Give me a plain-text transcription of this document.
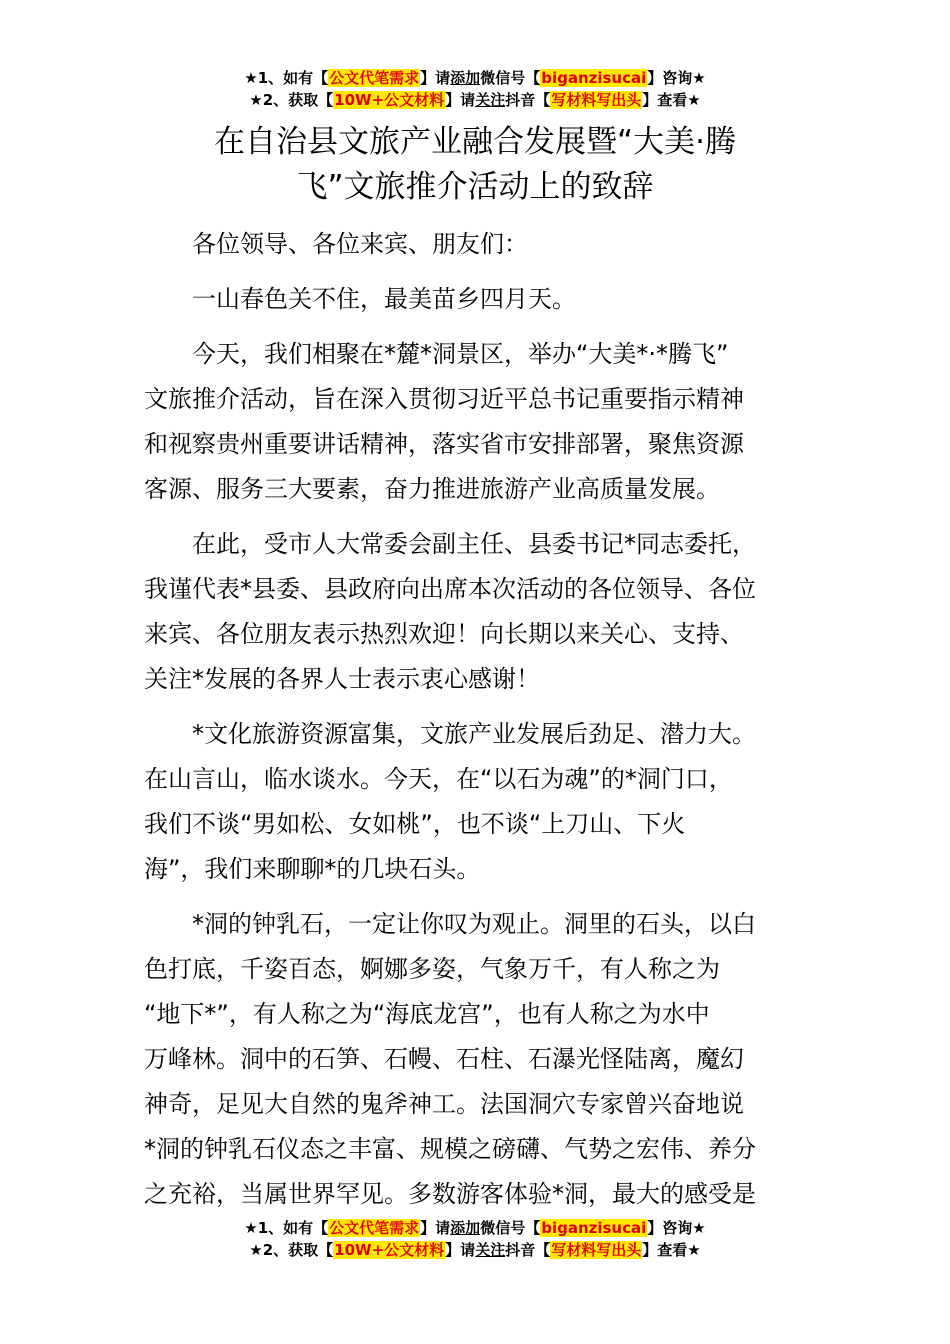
★1、如有【公文代笔需求】请添加微信号【biganzisucai】咨询★
★2、获取【10W+公文材料】请关注抖音【写材料写出头】查看★
在自治县文旅产业融合发展暨“大美·腾
飞”文旅推介活动上的致辞

各位领导、各位来宾、朋友们：

一山春色关不住，最美苗乡四月天。

今天，我们相聚在*麓*洞景区，举办“大美*·*腾飞”
文旅推介活动，旨在深入贯彻习近平总书记重要指示精神
和视察贵州重要讲话精神，落实省市安排部署，聚焦资源
客源、服务三大要素，奋力推进旅游产业高质量发展。

在此，受市人大常委会副主任、县委书记*同志委托，
我谨代表*县委、县政府向出席本次活动的各位领导、各位
来宾、各位朋友表示热烈欢迎！向长期以来关心、支持、
关注*发展的各界人士表示衷心感谢！

*文化旅游资源富集，文旅产业发展后劲足、潜力大。
在山言山，临水谈水。今天，在“以石为魂”的*洞门口，
我们不谈“男如松、女如桃”，也不谈“上刀山、下火
海”，我们来聊聊*的几块石头。

*洞的钟乳石，一定让你叹为观止。洞里的石头，以白
色打底，千姿百态，婀娜多姿，气象万千，有人称之为
“地下*”，有人称之为“海底龙宫”，也有人称之为水中
万峰林。洞中的石笋、石幔、石柱、石瀑光怪陆离，魔幻
神奇，足见大自然的鬼斧神工。法国洞穴专家曾兴奋地说
*洞的钟乳石仪态之丰富、规模之磅礴、气势之宏伟、养分
之充裕，当属世界罕见。多数游客体验*洞，最大的感受是

★1、如有【公文代笔需求】请添加微信号【biganzisucai】咨询★
★2、获取【10W+公文材料】请关注抖音【写材料写出头】查看★
